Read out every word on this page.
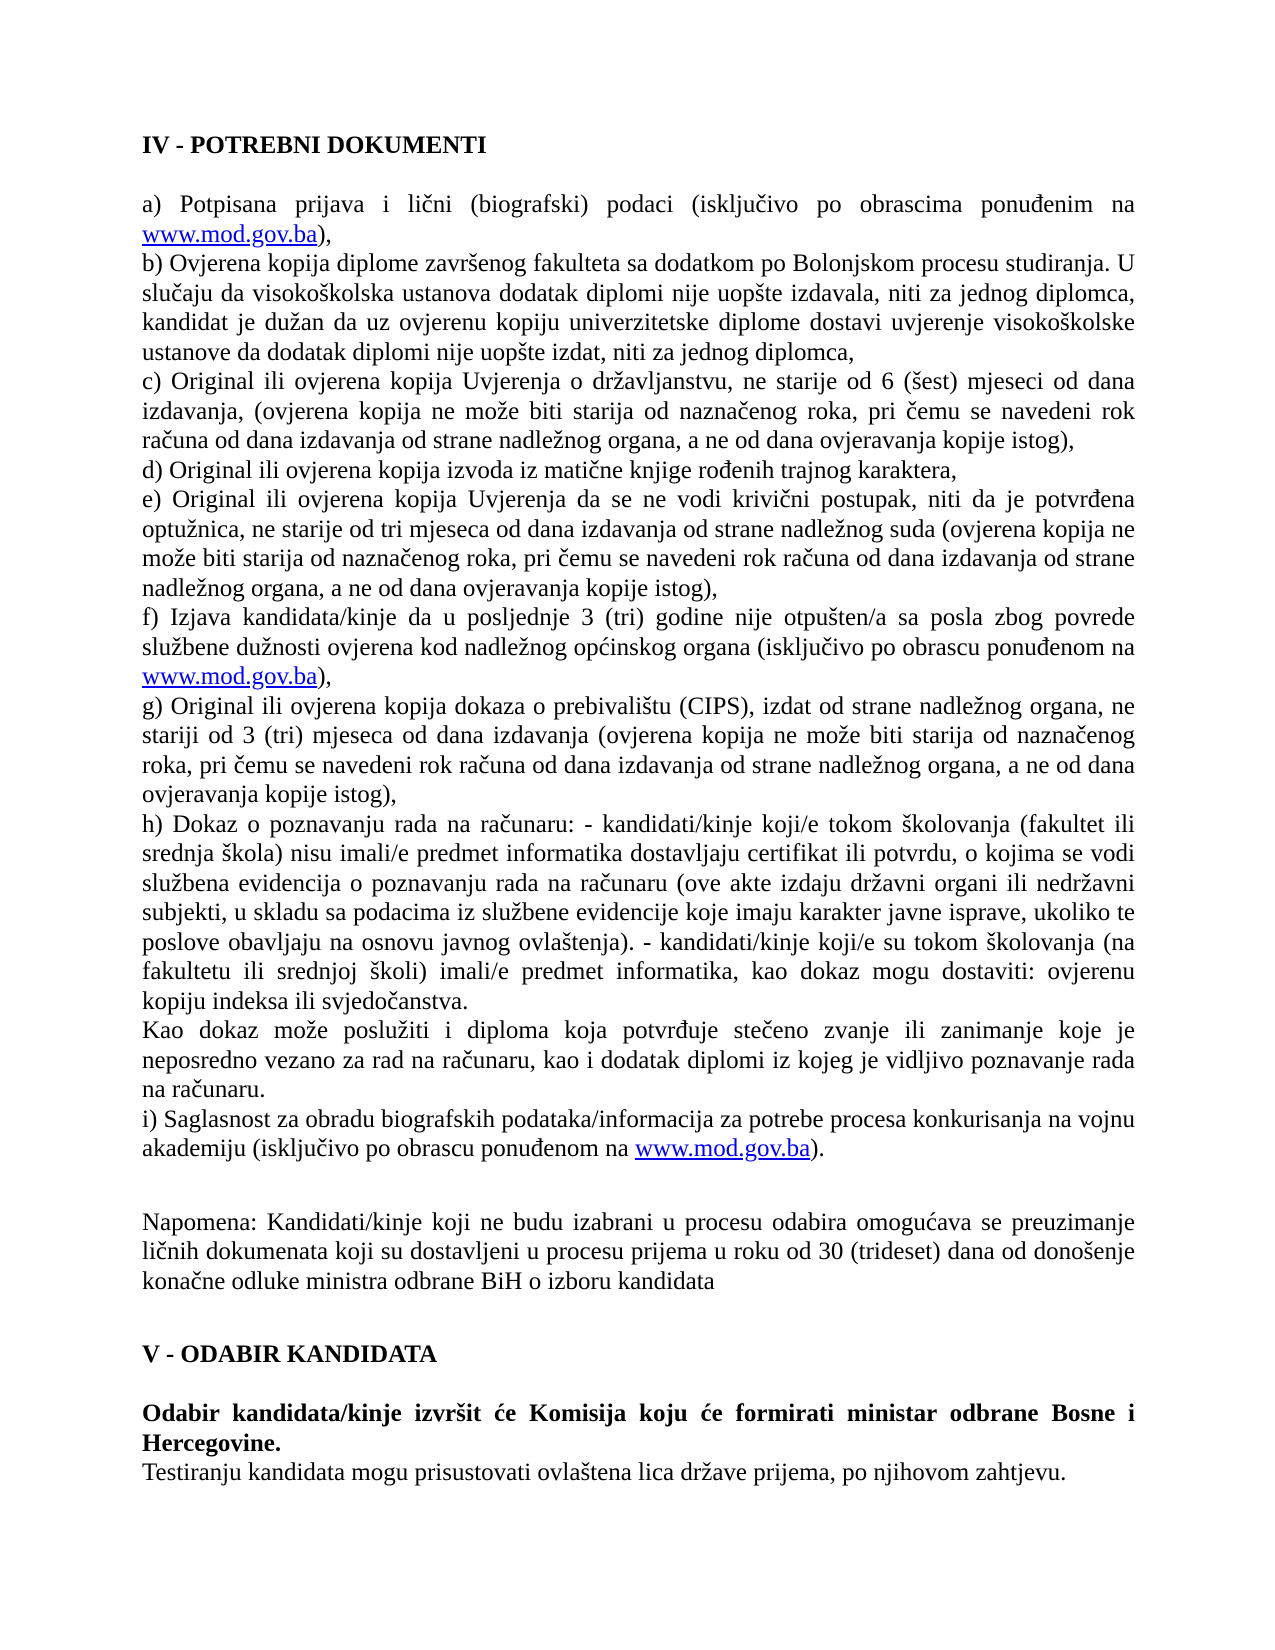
IV - POTREBNI DOKUMENTI

a) Potpisana prijava i lični (biografski) podaci (isključivo po obrascima ponuđenim na www.mod.gov.ba),

b) Ovjerena kopija diplome završenog fakulteta sa dodatkom po Bolonjskom procesu studiranja. U slučaju da visokoškolska ustanova dodatak diplomi nije uopšte izdavala, niti za jednog diplomca, kandidat je dužan da uz ovjerenu kopiju univerzitetske diplome dostavi uvjerenje visokoškolske ustanove da dodatak diplomi nije uopšte izdat, niti za jednog diplomca,

c) Original ili ovjerena kopija Uvjerenja o državljanstvu, ne starije od 6 (šest) mjeseci od dana izdavanja, (ovjerena kopija ne može biti starija od naznačenog roka, pri čemu se navedeni rok računa od dana izdavanja od strane nadležnog organa, a ne od dana ovjeravanja kopije istog),

d) Original ili ovjerena kopija izvoda iz matične knjige rođenih trajnog karaktera,

e) Original ili ovjerena kopija Uvjerenja da se ne vodi krivični postupak, niti da je potvrđena optužnica, ne starije od tri mjeseca od dana izdavanja od strane nadležnog suda (ovjerena kopija ne može biti starija od naznačenog roka, pri čemu se navedeni rok računa od dana izdavanja od strane nadležnog organa, a ne od dana ovjeravanja kopije istog),

f) Izjava kandidata/kinje da u posljednje 3 (tri) godine nije otpušten/a sa posla zbog povrede službene dužnosti ovjerena kod nadležnog općinskog organa (isključivo po obrascu ponuđenom na www.mod.gov.ba),

g) Original ili ovjerena kopija dokaza o prebivalištu (CIPS), izdat od strane nadležnog organa, ne stariji od 3 (tri) mjeseca od dana izdavanja (ovjerena kopija ne može biti starija od naznačenog roka, pri čemu se navedeni rok računa od dana izdavanja od strane nadležnog organa, a ne od dana ovjeravanja kopije istog),

h) Dokaz o poznavanju rada na računaru: - kandidati/kinje koji/e tokom školovanja (fakultet ili srednja škola) nisu imali/e predmet informatika dostavljaju certifikat ili potvrdu, o kojima se vodi službena evidencija o poznavanju rada na računaru (ove akte izdaju državni organi ili nedržavni subjekti, u skladu sa podacima iz službene evidencije koje imaju karakter javne isprave, ukoliko te poslove obavljaju na osnovu javnog ovlaštenja). - kandidati/kinje koji/e su tokom školovanja (na fakultetu ili srednjoj školi) imali/e predmet informatika, kao dokaz mogu dostaviti: ovjerenu kopiju indeksa ili svjedočanstva.

Kao dokaz može poslužiti i diploma koja potvrđuje stečeno zvanje ili zanimanje koje je neposredno vezano za rad na računaru, kao i dodatak diplomi iz kojeg je vidljivo poznavanje rada na računaru.

i) Saglasnost za obradu biografskih podataka/informacija za potrebe procesa konkurisanja na vojnu akademiju (isključivo po obrascu ponuđenom na www.mod.gov.ba).

Napomena: Kandidati/kinje koji ne budu izabrani u procesu odabira omogućava se preuzimanje ličnih dokumenata koji su dostavljeni u procesu prijema u roku od 30 (trideset) dana od donošenje konačne odluke ministra odbrane BiH o izboru kandidata

V - ODABIR KANDIDATA

Odabir kandidata/kinje izvršit će Komisija koju će formirati ministar odbrane Bosne i Hercegovine.

Testiranju kandidata mogu prisustovati ovlaštena lica države prijema, po njihovom zahtjevu.
